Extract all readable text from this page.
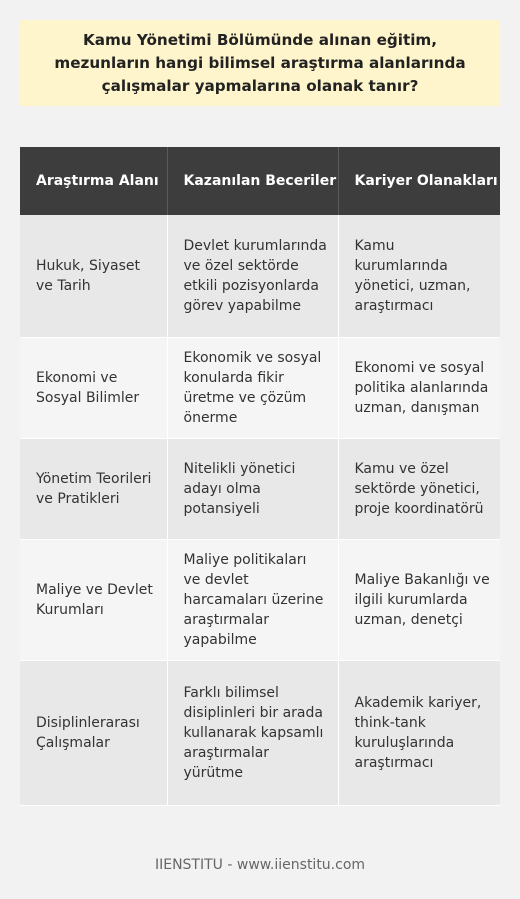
Kamu Yönetimi Bölümünde alınan eğitim, mezunların hangi bilimsel araştırma alanlarında çalışmalar yapmalarına olanak tanır?
Araştırma Alanı	Kazanılan Beceriler	Kariyer Olanakları
Hukuk, Siyaset ve Tarih	Devlet kurumlarında ve özel sektörde etkili pozisyonlarda görev yapabilme	Kamu kurumlarında yönetici, uzman, araştırmacı
Ekonomi ve Sosyal Bilimler	Ekonomik ve sosyal konularda fikir üretme ve çözüm önerme	Ekonomi ve sosyal politika alanlarında uzman, danışman
Yönetim Teorileri ve Pratikleri	Nitelikli yönetici adayı olma potansiyeli	Kamu ve özel sektörde yönetici, proje koordinatörü
Maliye ve Devlet Kurumları	Maliye politikaları ve devlet harcamaları üzerine araştırmalar yapabilme	Maliye Bakanlığı ve ilgili kurumlarda uzman, denetçi
Disiplinlerarası Çalışmalar	Farklı bilimsel disiplinleri bir arada kullanarak kapsamlı araştırmalar yürütme	Akademik kariyer, think-tank kuruluşlarında araştırmacı
IIENSTITU - www.iienstitu.com
